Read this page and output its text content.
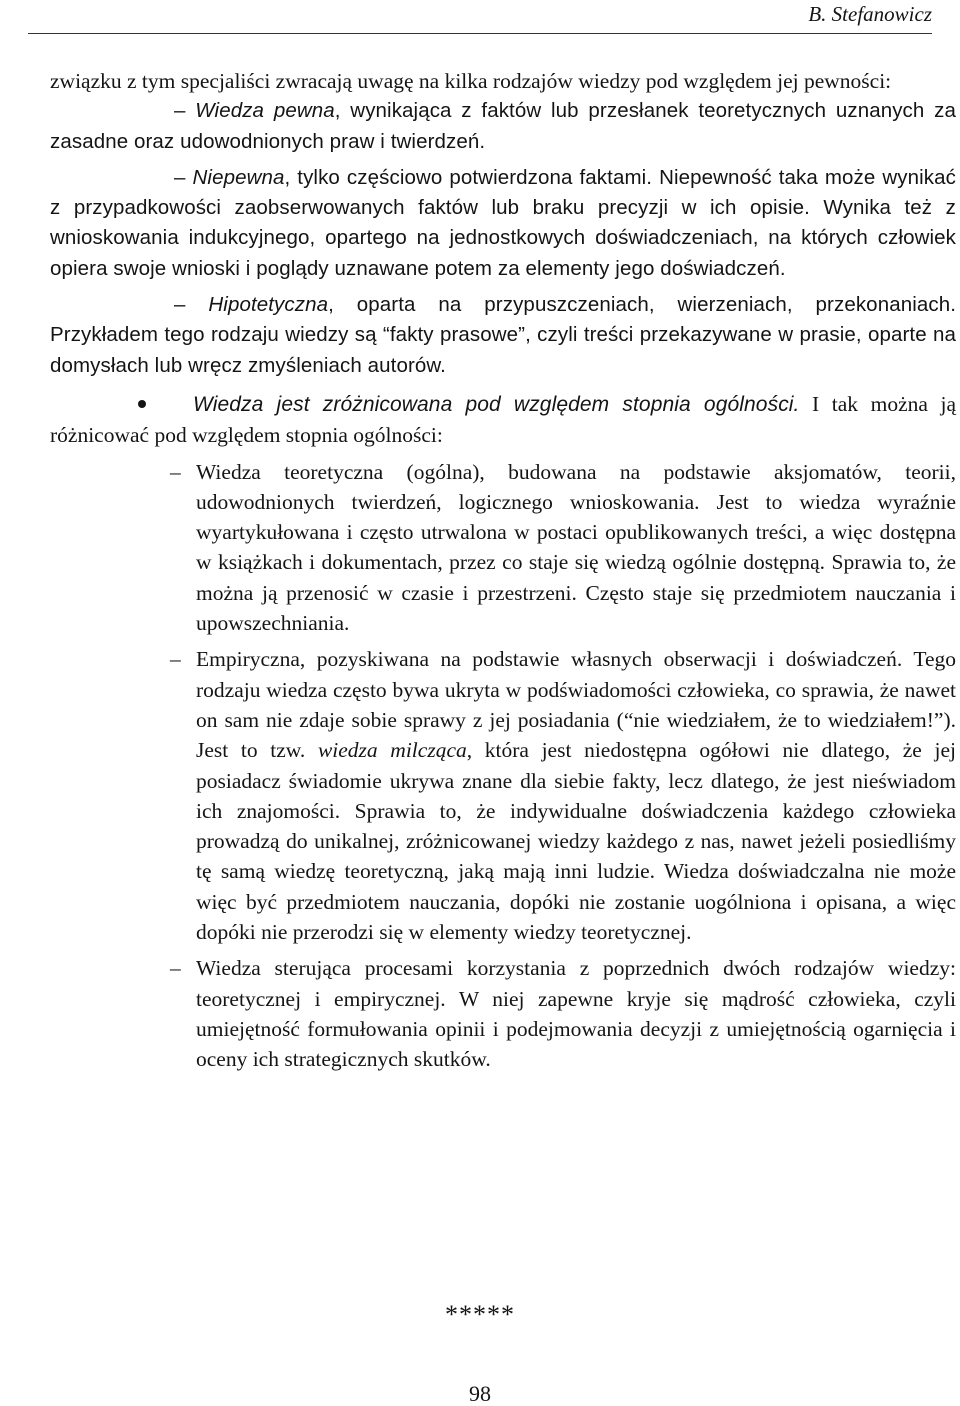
B. Stefanowicz

związku z tym specjaliści zwracają uwagę na kilka rodzajów wiedzy pod względem jej pewności:

– Wiedza pewna, wynikająca z faktów lub przesłanek teoretycznych uznanych za zasadne oraz udowodnionych praw i twierdzeń.

– Niepewna, tylko częściowo potwierdzona faktami. Niepewność taka może wynikać z przypadkowości zaobserwowanych faktów lub braku precyzji w ich opisie. Wynika też z wnioskowania indukcyjnego, opartego na jednostkowych doświadczeniach, na których człowiek opiera swoje wnioski i poglądy uznawane potem za elementy jego doświadczeń.

– Hipotetyczna, oparta na przypuszczeniach, wierzeniach, przekonaniach. Przykładem tego rodzaju wiedzy są “fakty prasowe”, czyli treści przekazywane w prasie, oparte na domysłach lub wręcz zmyśleniach autorów.

Wiedza jest zróżnicowana pod względem stopnia ogólności. I tak można ją różnicować pod względem stopnia ogólności:

– Wiedza teoretyczna (ogólna), budowana na podstawie aksjomatów, teorii, udowodnionych twierdzeń, logicznego wnioskowania. Jest to wiedza wyraźnie wyartykułowana i często utrwalona w postaci opublikowanych treści, a więc dostępna w książkach i dokumentach, przez co staje się wiedzą ogólnie dostępną. Sprawia to, że można ją przenosić w czasie i przestrzeni. Często staje się przedmiotem nauczania i upowszechniania.

– Empiryczna, pozyskiwana na podstawie własnych obserwacji i doświadczeń. Tego rodzaju wiedza często bywa ukryta w podświadomości człowieka, co sprawia, że nawet on sam nie zdaje sobie sprawy z jej posiadania (“nie wiedziałem, że to wiedziałem!”). Jest to tzw. wiedza milcząca, która jest niedostępna ogółowi nie dlatego, że jej posiadacz świadomie ukrywa znane dla siebie fakty, lecz dlatego, że jest nieświadom ich znajomości. Sprawia to, że indywidualne doświadczenia każdego człowieka prowadzą do unikalnej, zróżnicowanej wiedzy każdego z nas, nawet jeżeli posiedliśmy tę samą wiedzę teoretyczną, jaką mają inni ludzie. Wiedza doświadczalna nie może więc być przedmiotem nauczania, dopóki nie zostanie uogólniona i opisana, a więc dopóki nie przerodzi się w elementy wiedzy teoretycznej.

– Wiedza sterująca procesami korzystania z poprzednich dwóch rodzajów wiedzy: teoretycznej i empirycznej. W niej zapewne kryje się mądrość człowieka, czyli umiejętność formułowania opinii i podejmowania decyzji z umiejętnością ogarnięcia i oceny ich strategicznych skutków.

*****
98
